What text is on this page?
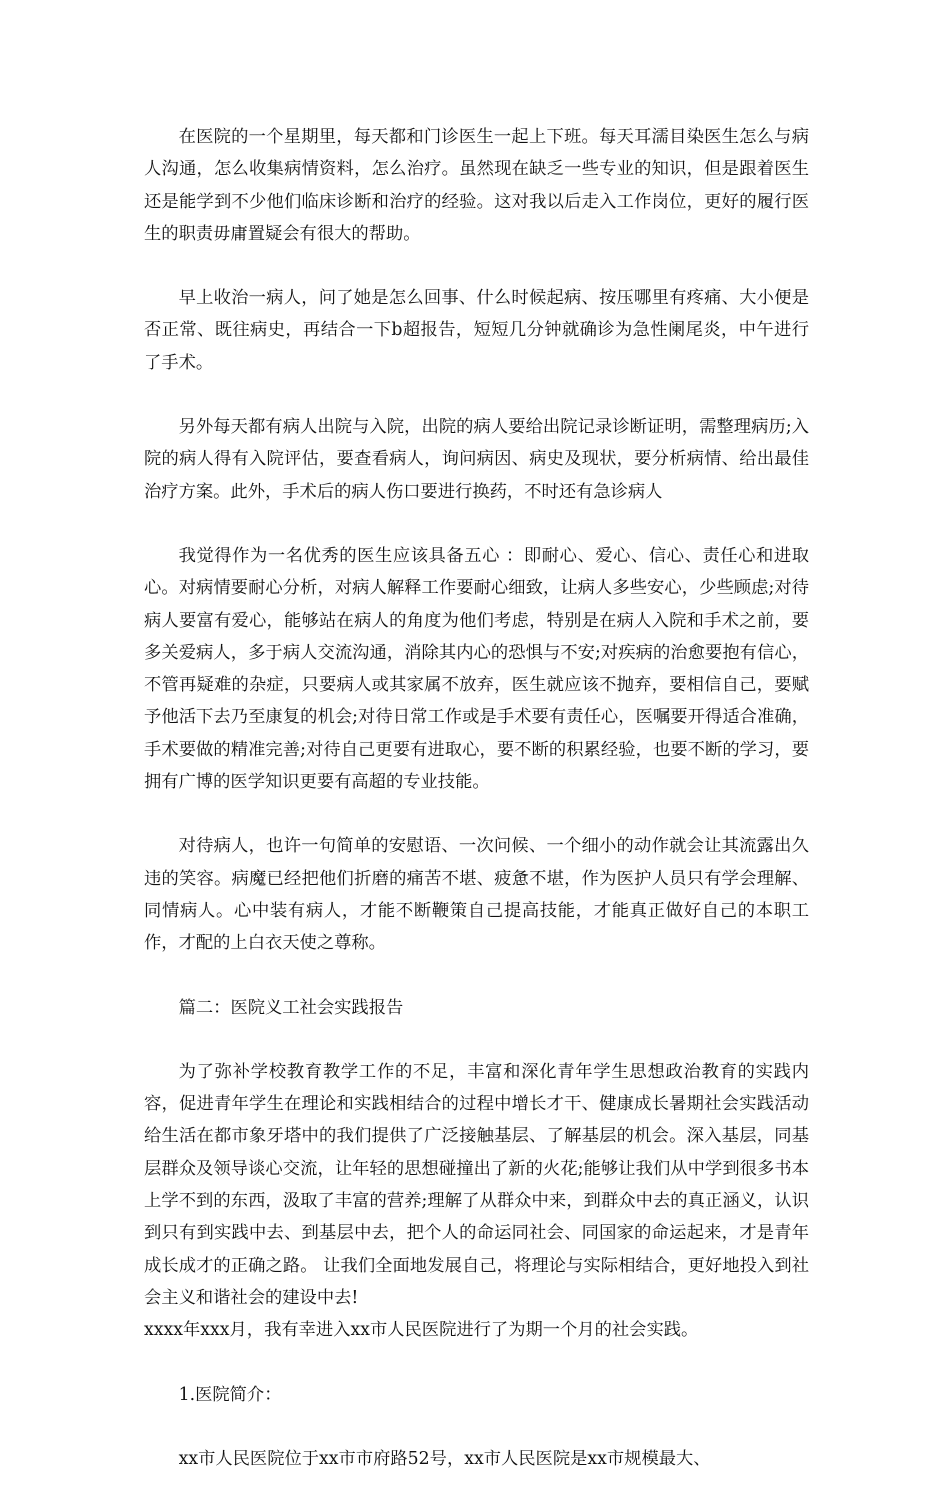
在医院的一个星期里，每天都和门诊医生一起上下班。每天耳濡目染医生怎么与病人沟通，怎么收集病情资料，怎么治疗。虽然现在缺乏一些专业的知识，但是跟着医生还是能学到不少他们临床诊断和治疗的经验。这对我以后走入工作岗位，更好的履行医生的职责毋庸置疑会有很大的帮助。

早上收治一病人，问了她是怎么回事、什么时候起病、按压哪里有疼痛、大小便是否正常、既往病史，再结合一下b超报告，短短几分钟就确诊为急性阑尾炎，中午进行了手术。

另外每天都有病人出院与入院，出院的病人要给出院记录诊断证明，需整理病历;入院的病人得有入院评估，要查看病人，询问病因、病史及现状，要分析病情、给出最佳治疗方案。此外，手术后的病人伤口要进行换药，不时还有急诊病人

我觉得作为一名优秀的医生应该具备五心 ：即耐心、爱心、信心、责任心和进取心。对病情要耐心分析，对病人解释工作要耐心细致，让病人多些安心，少些顾虑;对待病人要富有爱心，能够站在病人的角度为他们考虑，特别是在病人入院和手术之前，要多关爱病人，多于病人交流沟通，消除其内心的恐惧与不安;对疾病的治愈要抱有信心，不管再疑难的杂症，只要病人或其家属不放弃，医生就应该不抛弃，要相信自己，要赋予他活下去乃至康复的机会;对待日常工作或是手术要有责任心，医嘱要开得适合准确，手术要做的精准完善;对待自己更要有进取心，要不断的积累经验，也要不断的学习，要拥有广博的医学知识更要有高超的专业技能。

对待病人，也许一句简单的安慰语、一次问候、一个细小的动作就会让其流露出久违的笑容。病魔已经把他们折磨的痛苦不堪、疲惫不堪，作为医护人员只有学会理解、同情病人。心中装有病人，才能不断鞭策自己提高技能，才能真正做好自己的本职工作，才配的上白衣天使之尊称。

篇二：医院义工社会实践报告

为了弥补学校教育教学工作的不足，丰富和深化青年学生思想政治教育的实践内容，促进青年学生在理论和实践相结合的过程中增长才干、健康成长暑期社会实践活动给生活在都市象牙塔中的我们提供了广泛接触基层、了解基层的机会。深入基层，同基层群众及领导谈心交流，让年轻的思想碰撞出了新的火花;能够让我们从中学到很多书本上学不到的东西，汲取了丰富的营养;理解了从群众中来，到群众中去的真正涵义，认识到只有到实践中去、到基层中去，把个人的命运同社会、同国家的命运起来，才是青年成长成才的正确之路。 让我们全面地发展自己，将理论与实际相结合，更好地投入到社会主义和谐社会的建设中去!

xxxx年xxx月，我有幸进入xx市人民医院进行了为期一个月的社会实践。

1.医院简介：

xx市人民医院位于xx市市府路52号，xx市人民医院是xx市规模最大、
